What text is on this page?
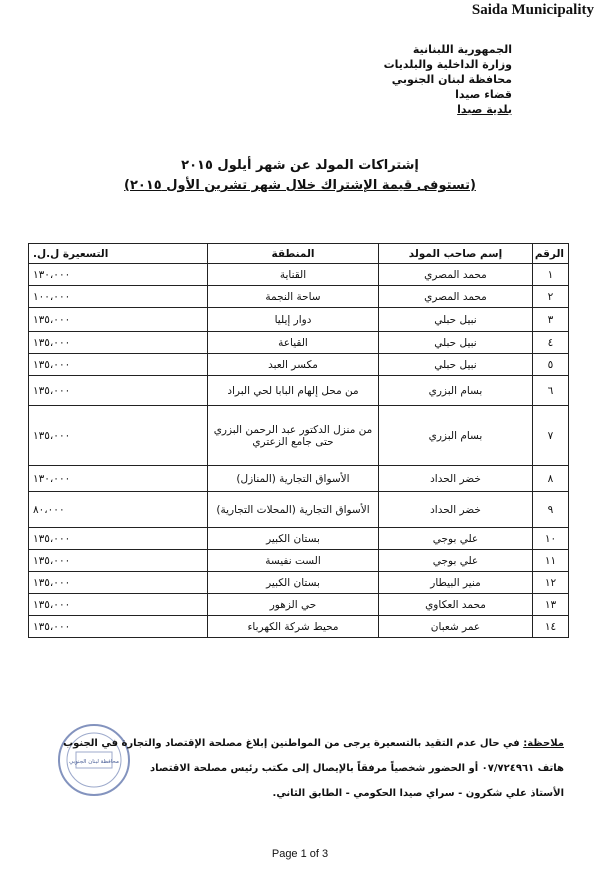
Saida Municipality
الجمهورية اللبنانية
وزارة الداخلية والبلديات
محافظة لبنان الجنوبي
قضاء صيدا
بلدية صيدا
إشتراكات المولد عن شهر أيلول ٢٠١٥
(تستوفى قيمة الإشتراك خلال شهر تشرين الأول ٢٠١٥)
الرقم	إسم صاحب المولد	المنطقة	التسعيرة ل.ل.
١	محمد المصري	القناية	١٣٠،٠٠٠
٢	محمد المصري	ساحة النجمة	١٠٠،٠٠٠
٣	نبيل حبلي	دوار إيليا	١٣٥،٠٠٠
٤	نبيل حبلي	القياعة	١٣٥،٠٠٠
٥	نبيل حبلي	مكسر العبد	١٣٥،٠٠٠
٦	بسام البزري	من محل إلهام البابا لحي البراد	١٣٥،٠٠٠
٧	بسام البزري	من منزل الدكتور عبد الرحمن البزري حتى جامع الزعتري	١٣٥،٠٠٠
٨	خضر الحداد	الأسواق التجارية (المنازل)	١٣٠،٠٠٠
٩	خضر الحداد	الأسواق التجارية (المحلات التجارية)	٨٠،٠٠٠
١٠	علي بوجي	بستان الكبير	١٣٥،٠٠٠
١١	علي بوجي	الست نفيسة	١٣٥،٠٠٠
١٢	منير البيطار	بستان الكبير	١٣٥،٠٠٠
١٣	محمد العكاوي	حي الزهور	١٣٥،٠٠٠
١٤	عمر شعبان	محيط شركة الكهرباء	١٣٥،٠٠٠
محافظة لبنان الجنوبي
ملاحظة: في حال عدم التقيد بالتسعيرة يرجى من المواطنين إبلاغ مصلحة الإقتصاد والتجارة في الجنوب
هاتف ٠٧/٧٢٤٩٦١ أو الحضور شخصياً مرفقاً بالإيصال إلى مكتب رئيس مصلحة الاقتصاد
الأستاذ علي شكرون - سراي صيدا الحكومي - الطابق الثاني.
Page 1 of 3
